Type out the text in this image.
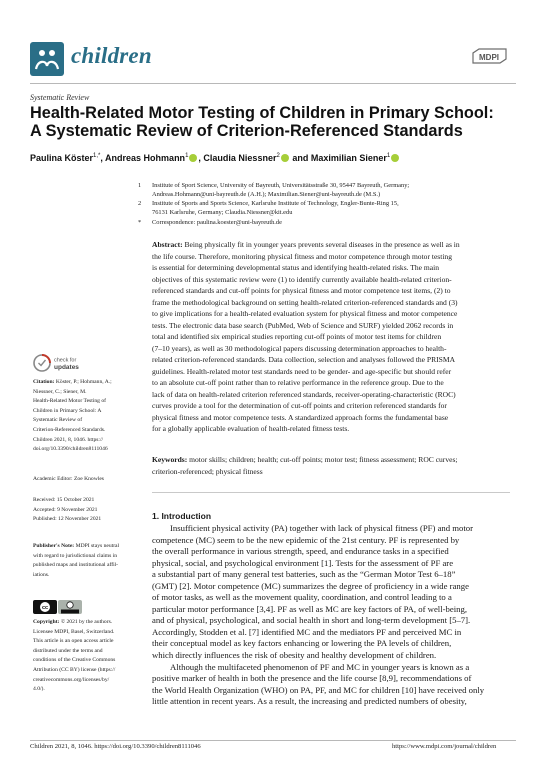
children	MDPI
Systematic Review
Health-Related Motor Testing of Children in Primary School:
A Systematic Review of Criterion-Referenced Standards
Paulina Köster$^{1,*}$, Andreas Hohmann$^1$ , Claudia Niessner$^2$ and Maximilian Siener$^1$
1 Institute of Sport Science, University of Bayreuth, Universitätsstraße 30, 95447 Bayreuth, Germany;
Andreas.Hohmann@uni-bayreuth.de (A.H.); Maximilian.Siener@uni-bayreuth.de (M.S.)
2 Institute of Sports and Sports Science, Karlsruhe Institute of Technology, Engler-Bunte-Ring 15,
76131 Karlsruhe, Germany; Claudia.Niessner@kit.edu
* Correspondence: paulina.koester@uni-bayreuth.de
Abstract: Being physically fit in younger years prevents several diseases in the presence as well as in
the life course. Therefore, monitoring physical fitness and motor competence through motor testing
is essential for determining developmental status and identifying health-related risks. The main
objectives of this systematic review were (1) to identify currently available health-related criterion-
referenced standards and cut-off points for physical fitness and motor competence test items, (2) to
frame the methodological background on setting health-related criterion-referenced standards and (3)
to give implications for a health-related evaluation system for physical fitness and motor competence
tests. The electronic data base search (PubMed, Web of Science and SURF) yielded 2062 records in
total and identified six empirical studies reporting cut-off points of motor test items for children
(7–10 years), as well as 30 methodological papers discussing determination approaches to health-
related criterion-referenced standards. Data collection, selection and analyses followed the PRISMA
guidelines. Health-related motor test standards need to be gender- and age-specific but should refer
to an absolute cut-off point rather than to relative performance in the reference group. Due to the
lack of data on health-related criterion referenced standards, receiver-operating-characteristic (ROC)
curves provide a tool for the determination of cut-off points and criterion referenced standards for
physical fitness and motor competence tests. A standardized approach forms the fundamental base
for a globally applicable evaluation of health-related fitness tests.
Keywords: motor skills; children; health; cut-off points; motor test; fitness assessment; ROC curves;
criterion-referenced; physical fitness
check for
updates
Citation: Köster, P.; Hohmann, A.;
Niessner, C.; Siener, M.
Health-Related Motor Testing of
Children in Primary School: A
Systematic Review of
Criterion-Referenced Standards.
Children 2021, 8, 1046. https://
doi.org/10.3390/children8111046
Academic Editor: Zoe Knowles
Received: 15 October 2021
Accepted: 9 November 2021
Published: 12 November 2021
Publisher's Note: MDPI stays neutral
with regard to jurisdictional claims in
published maps and institutional affil-
iations.
cc
Copyright: © 2021 by the authors.
Licensee MDPI, Basel, Switzerland.
This article is an open access article
distributed under the terms and
conditions of the Creative Commons
Attribution (CC BY) license (https://
creativecommons.org/licenses/by/
4.0/).
1. Introduction
Insufficient physical activity (PA) together with lack of physical fitness (PF) and motor
competence (MC) seem to be the new epidemic of the 21st century. PF is represented by
the overall performance in various strength, speed, and endurance tasks in a specified
physical, social, and psychological environment [1]. Tests for the assessment of PF are
a substantial part of many general test batteries, such as the “German Motor Test 6–18”
(GMT) [2]. Motor competence (MC) summarizes the degree of proficiency in a wide range
of motor tasks, as well as the movement quality, coordination, and control leading to a
particular motor performance [3,4]. PF as well as MC are key factors of PA, of well-being,
and of physical, psychological, and social health in short and long-term development [5–7].
Accordingly, Stodden et al. [7] identified MC and the mediators PF and perceived MC in
their conceptual model as key factors enhancing or lowering the PA levels of children,
which directly influences the risk of obesity and healthy development of children.
Although the multifaceted phenomenon of PF and MC in younger years is known as a
positive marker of health in both the presence and the life course [8,9], recommendations of
the World Health Organization (WHO) on PA, PF, and MC for children [10] have received only
little attention in recent years. As a result, the increasing and predicted numbers of obesity,
Children 2021, 8, 1046. https://doi.org/10.3390/children8111046	https://www.mdpi.com/journal/children
